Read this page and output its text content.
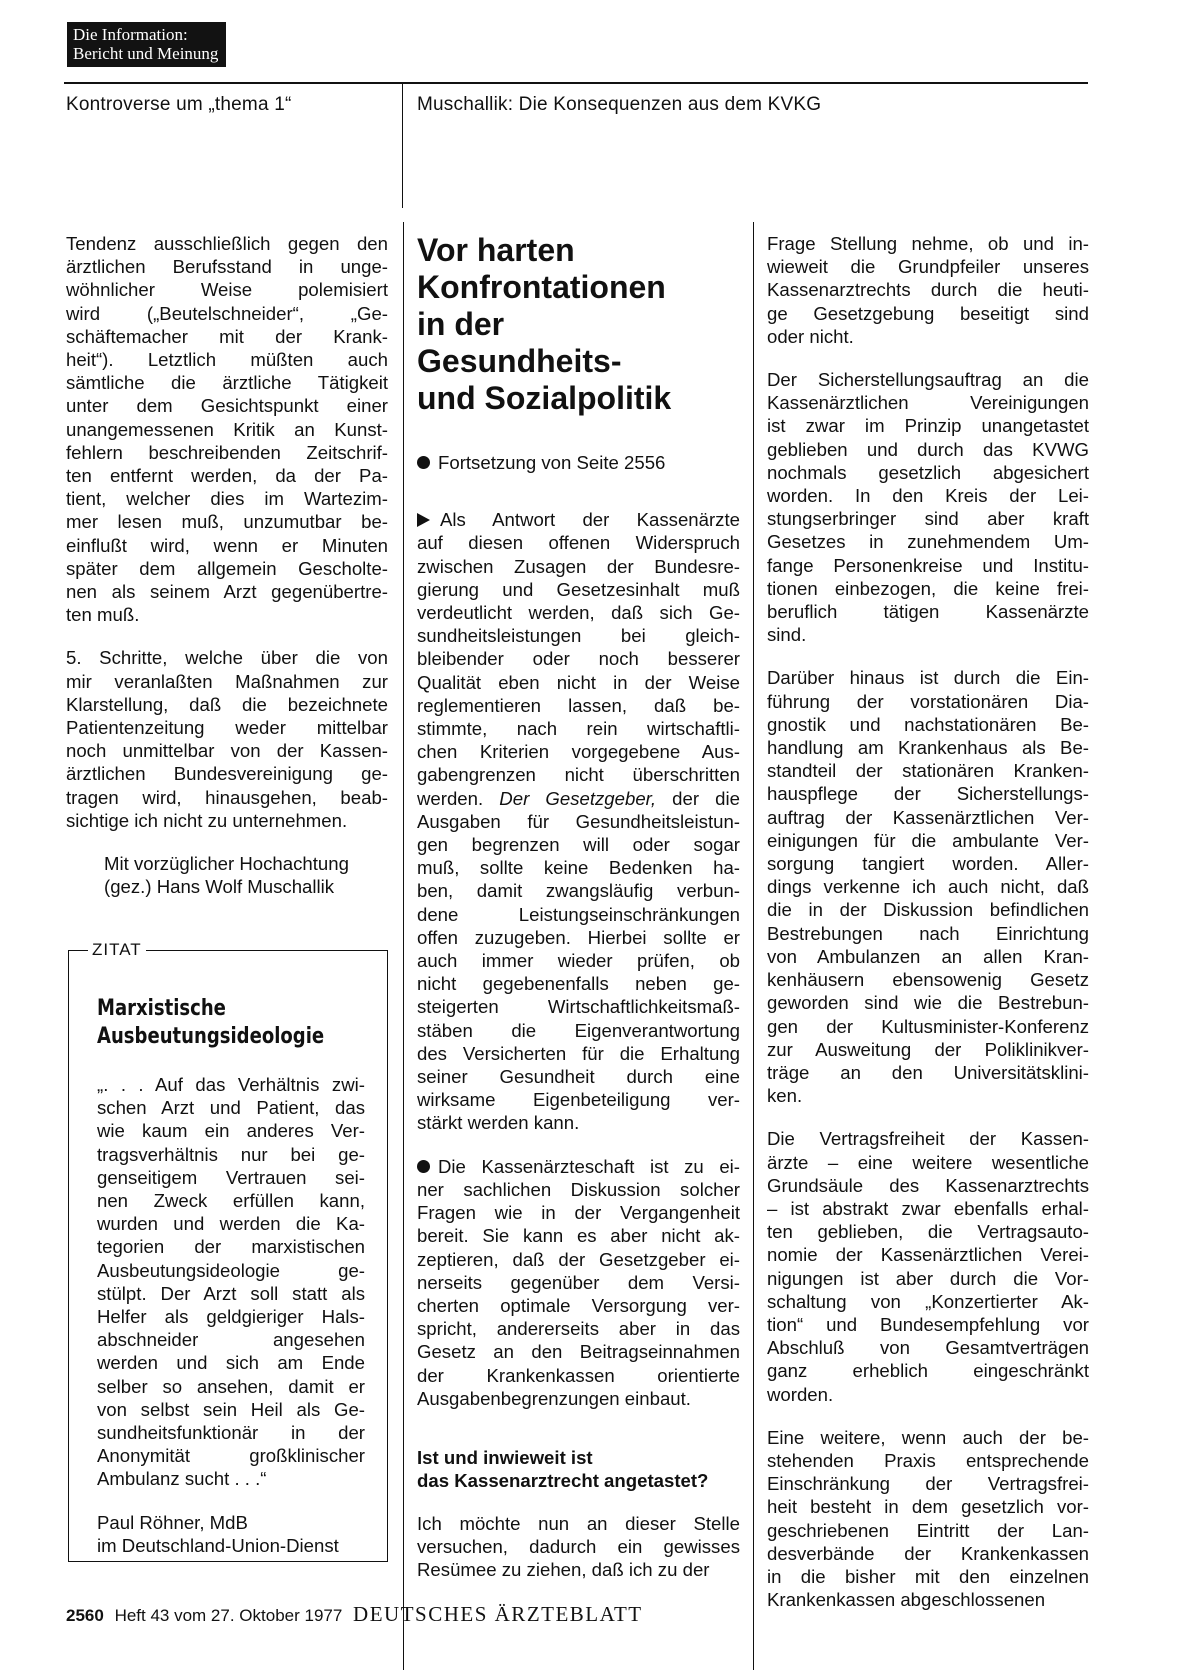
Die Information:
Bericht und Meinung
Kontroverse um „thema 1“	Muschallik: Die Konsequenzen aus dem KVKG

Tendenz ausschließlich gegen den
ärztlichen Berufsstand in unge-
wöhnlicher Weise polemisiert
wird („Beutelschneider“, „Ge-
schäftemacher mit der Krank-
heit“). Letztlich müßten auch
sämtliche die ärztliche Tätigkeit
unter dem Gesichtspunkt einer
unangemessenen Kritik an Kunst-
fehlern beschreibenden Zeitschrif-
ten entfernt werden, da der Pa-
tient, welcher dies im Wartezim-
mer lesen muß, unzumutbar be-
einflußt wird, wenn er Minuten
später dem allgemein Gescholte-
nen als seinem Arzt gegenübertre-
ten muß.

5. Schritte, welche über die von
mir veranlaßten Maßnahmen zur
Klarstellung, daß die bezeichnete
Patientenzeitung weder mittelbar
noch unmittelbar von der Kassen-
ärztlichen Bundesvereinigung ge-
tragen wird, hinausgehen, beab-
sichtige ich nicht zu unternehmen.

Mit vorzüglicher Hochachtung
(gez.) Hans Wolf Muschallik
ZITAT
Marxistische
Ausbeutungsideologie

„. . . Auf das Verhältnis zwi-
schen Arzt und Patient, das
wie kaum ein anderes Ver-
tragsverhältnis nur bei ge-
genseitigem Vertrauen sei-
nen Zweck erfüllen kann,
wurden und werden die Ka-
tegorien der marxistischen
Ausbeutungsideologie ge-
stülpt. Der Arzt soll statt als
Helfer als geldgieriger Hals-
abschneider angesehen
werden und sich am Ende
selber so ansehen, damit er
von selbst sein Heil als Ge-
sundheitsfunktionär in der
Anonymität großklinischer
Ambulanz sucht . . .“

Paul Röhner, MdB
im Deutschland-Union-Dienst
Vor harten
Konfrontationen
in der
Gesundheits-
und Sozialpolitik

Fortsetzung von Seite 2556

Als Antwort der Kassenärzte
auf diesen offenen Widerspruch
zwischen Zusagen der Bundesre-
gierung und Gesetzesinhalt muß
verdeutlicht werden, daß sich Ge-
sundheitsleistungen bei gleich-
bleibender oder noch besserer
Qualität eben nicht in der Weise
reglementieren lassen, daß be-
stimmte, nach rein wirtschaftli-
chen Kriterien vorgegebene Aus-
gabengrenzen nicht überschritten
werden. Der Gesetzgeber, der die
Ausgaben für Gesundheitsleistun-
gen begrenzen will oder sogar
muß, sollte keine Bedenken ha-
ben, damit zwangsläufig verbun-
dene Leistungseinschränkungen
offen zuzugeben. Hierbei sollte er
auch immer wieder prüfen, ob
nicht gegebenenfalls neben ge-
steigerten Wirtschaftlichkeitsmaß-
stäben die Eigenverantwortung
des Versicherten für die Erhaltung
seiner Gesundheit durch eine
wirksame Eigenbeteiligung ver-
stärkt werden kann.

Die Kassenärzteschaft ist zu ei-
ner sachlichen Diskussion solcher
Fragen wie in der Vergangenheit
bereit. Sie kann es aber nicht ak-
zeptieren, daß der Gesetzgeber ei-
nerseits gegenüber dem Versi-
cherten optimale Versorgung ver-
spricht, andererseits aber in das
Gesetz an den Beitragseinnahmen
der Krankenkassen orientierte
Ausgabenbegrenzungen einbaut.

Ist und inwieweit ist
das Kassenarztrecht angetastet?

Ich möchte nun an dieser Stelle
versuchen, dadurch ein gewisses
Resümee zu ziehen, daß ich zu der

Frage Stellung nehme, ob und in-
wieweit die Grundpfeiler unseres
Kassenarztrechts durch die heuti-
ge Gesetzgebung beseitigt sind
oder nicht.

Der Sicherstellungsauftrag an die
Kassenärztlichen Vereinigungen
ist zwar im Prinzip unangetastet
geblieben und durch das KVWG
nochmals gesetzlich abgesichert
worden. In den Kreis der Lei-
stungserbringer sind aber kraft
Gesetzes in zunehmendem Um-
fange Personenkreise und Institu-
tionen einbezogen, die keine frei-
beruflich tätigen Kassenärzte
sind.

Darüber hinaus ist durch die Ein-
führung der vorstationären Dia-
gnostik und nachstationären Be-
handlung am Krankenhaus als Be-
standteil der stationären Kranken-
hauspflege der Sicherstellungs-
auftrag der Kassenärztlichen Ver-
einigungen für die ambulante Ver-
sorgung tangiert worden. Aller-
dings verkenne ich auch nicht, daß
die in der Diskussion befindlichen
Bestrebungen nach Einrichtung
von Ambulanzen an allen Kran-
kenhäusern ebensowenig Gesetz
geworden sind wie die Bestrebun-
gen der Kultusminister-Konferenz
zur Ausweitung der Poliklinikver-
träge an den Universitätsklini-
ken.

Die Vertragsfreiheit der Kassen-
ärzte – eine weitere wesentliche
Grundsäule des Kassenarztrechts
– ist abstrakt zwar ebenfalls erhal-
ten geblieben, die Vertragsauto-
nomie der Kassenärztlichen Verei-
nigungen ist aber durch die Vor-
schaltung von „Konzertierter Ak-
tion“ und Bundesempfehlung vor
Abschluß von Gesamtverträgen
ganz erheblich eingeschränkt
worden.

Eine weitere, wenn auch der be-
stehenden Praxis entsprechende
Einschränkung der Vertragsfrei-
heit besteht in dem gesetzlich vor-
geschriebenen Eintritt der Lan-
desverbände der Krankenkassen
in die bisher mit den einzelnen
Krankenkassen abgeschlossenen

2560 Heft 43 vom 27. Oktober 1977 DEUTSCHES ÄRZTEBLATT
